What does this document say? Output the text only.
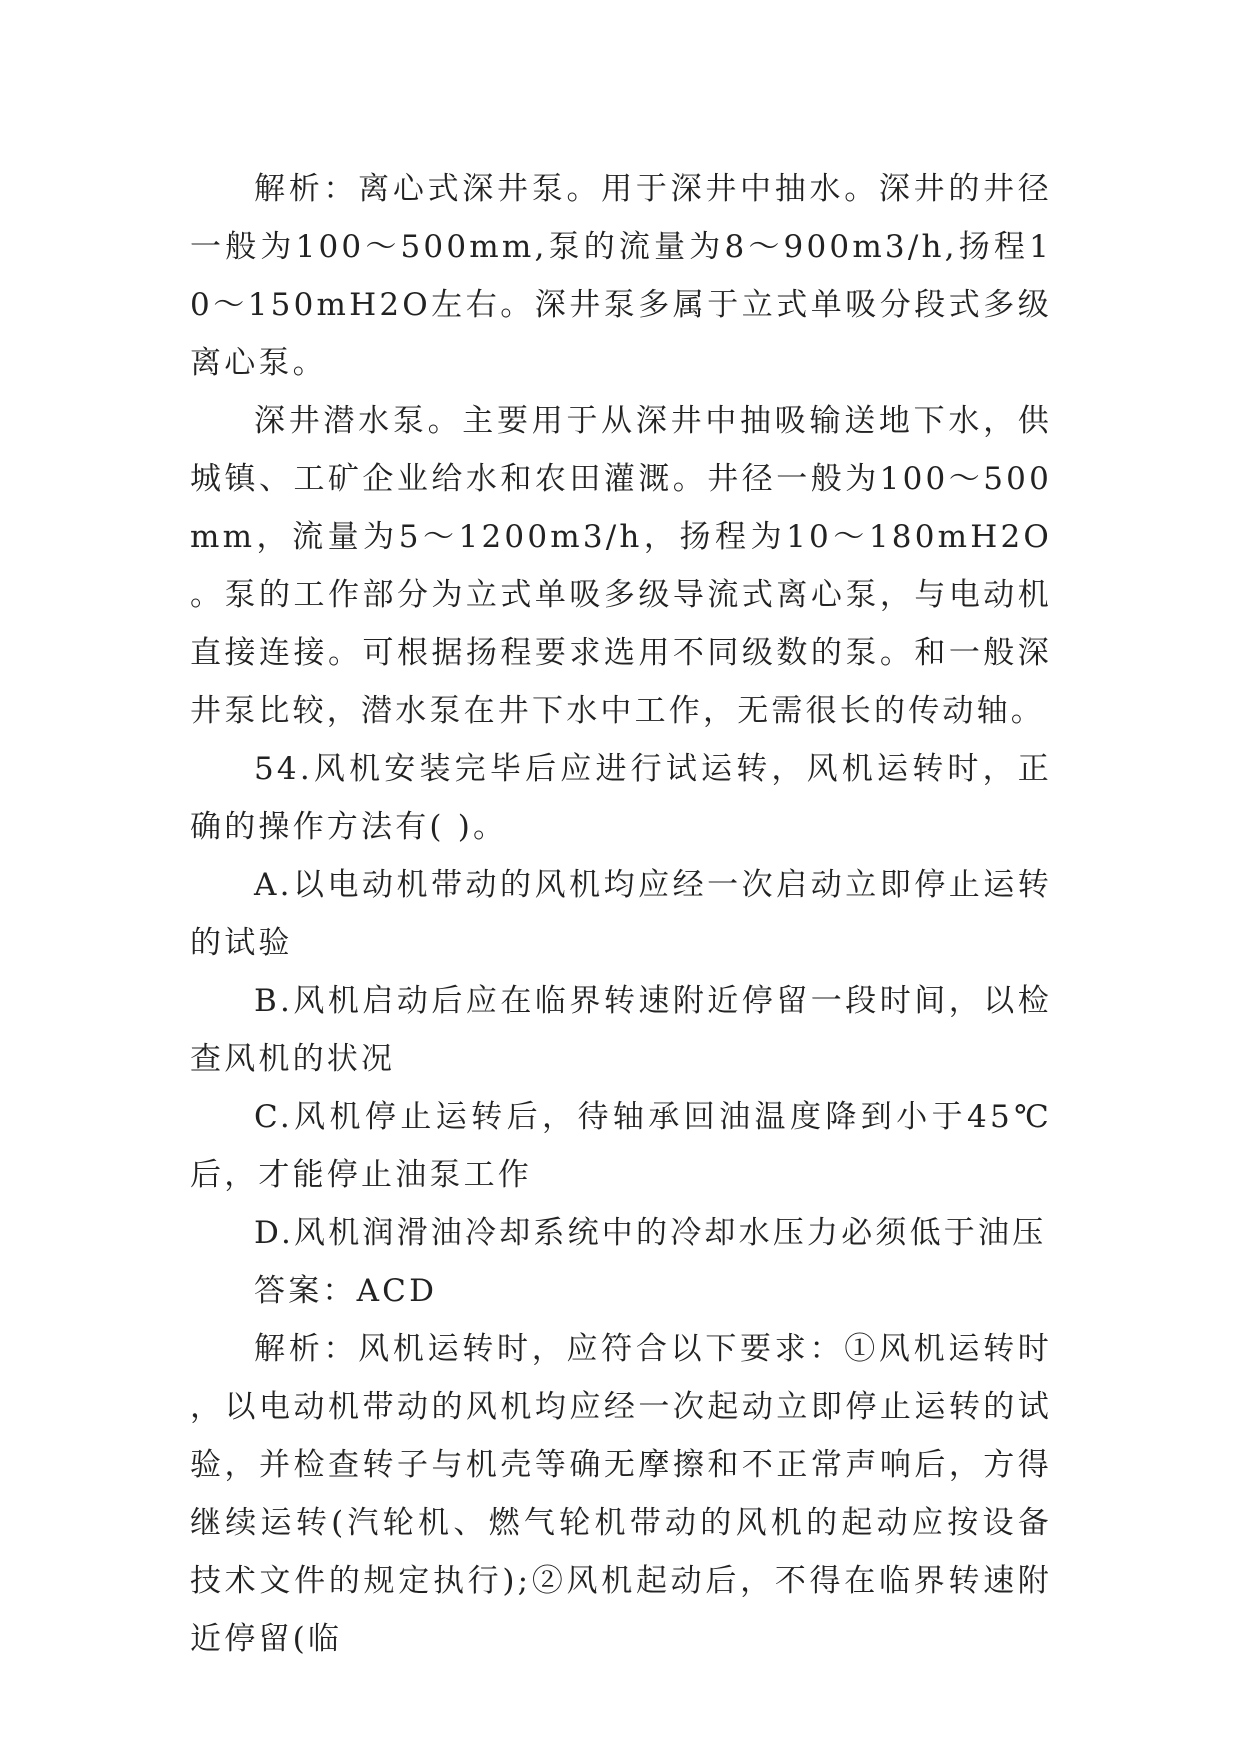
解析：离心式深井泵。用于深井中抽水。深井的井径一般为100～500mm,泵的流量为8～900m3/h,扬程10～150mH2O左右。深井泵多属于立式单吸分段式多级离心泵。

深井潜水泵。主要用于从深井中抽吸输送地下水，供城镇、工矿企业给水和农田灌溉。井径一般为100～500mm，流量为5～1200m3/h，扬程为10～180mH2O。泵的工作部分为立式单吸多级导流式离心泵，与电动机直接连接。可根据扬程要求选用不同级数的泵。和一般深井泵比较，潜水泵在井下水中工作，无需很长的传动轴。

54.风机安装完毕后应进行试运转，风机运转时，正确的操作方法有( )。

A.以电动机带动的风机均应经一次启动立即停止运转的试验

B.风机启动后应在临界转速附近停留一段时间，以检查风机的状况

C.风机停止运转后，待轴承回油温度降到小于45℃后，才能停止油泵工作

D.风机润滑油冷却系统中的冷却水压力必须低于油压

答案：ACD

解析：风机运转时，应符合以下要求：①风机运转时，以电动机带动的风机均应经一次起动立即停止运转的试验，并检查转子与机壳等确无摩擦和不正常声响后，方得继续运转(汽轮机、燃气轮机带动的风机的起动应按设备技术文件的规定执行);②风机起动后，不得在临界转速附近停留(临
